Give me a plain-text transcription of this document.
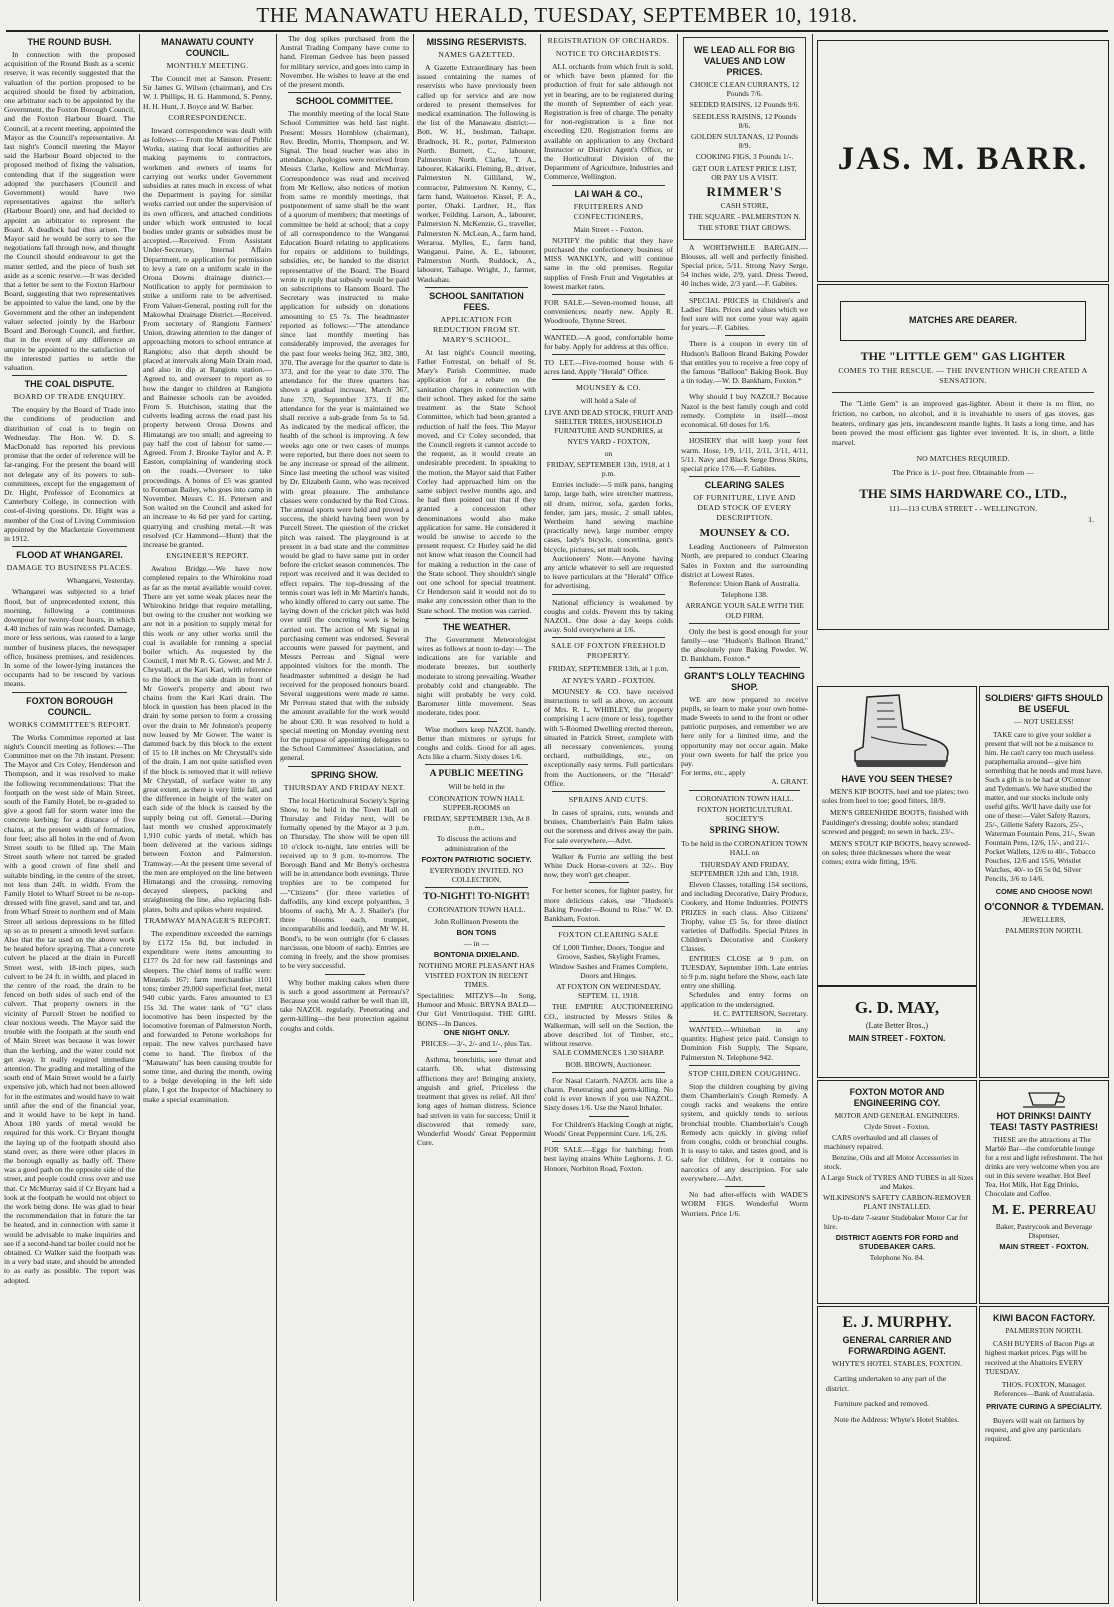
THE MANAWATU HERALD, TUESDAY, SEPTEMBER 10, 1918.
THE ROUND BUSH.

In connection with the proposed acquisition of the Round Bush as a scenic reserve, it was recently suggested that the valuation of the portion proposed to be acquired should be fixed by arbitration, one arbitrator each to be appointed by the Government, the Foxton Borough Council, and the Foxton Harbour Board. The Council, at a recent meeting, appointed the Mayor as the Council's representative. At last night's Council meeting the Mayor said the Harbour Board objected to the proposed method of fixing the valuation, contending that if the suggestion were adopted the purchasers (Council and Government) would have two representatives against the seller's (Harbour Board) one, and had decided to appoint an arbitrator to represent the Board. A deadlock had thus arisen. The Mayor said he would be sorry to see the negotiations fall through now, and thought the Council should endeavour to get the matter settled, and the piece of bush set aside as a scenic reserve.—It was decided that a letter be sent to the Foxton Harbour Board, suggesting that two representatives be appointed to value the land, one by the Government and the other an independent valuer selected jointly by the Harbour Board and Borough Council, and further, that in the event of any difference an umpire be appointed to the satisfaction of the interested parties to settle the valuation.

THE COAL DISPUTE.
BOARD OF TRADE ENQUIRY.

The enquiry by the Board of Trade into the conditions of production and distribution of coal is to begin on Wednesday. The Hon. W. D. S. MacDonald has reported his previous promise that the order of reference will be far-ranging. For the present the board will not delegate any of its powers to sub-committees, except for the engagement of Dr. Hight, Professor of Economics at Canterbury College, in connection with cost-of-living questions. Dr. Hight was a member of the Cost of Living Commission appointed by the Mackenzie Government in 1912.

FLOOD AT WHANGAREI.
DAMAGE TO BUSINESS PLACES.

Whangarei, Yesterday.

Whangarei was subjected to a brief flood, but of unprecedented extent, this morning, following a continuous downpour for twenty-four hours, in which 4.40 inches of rain was recorded. Damage, more or less serious, was caused to a large number of business places, the newspaper office, business premises, and residences. In some of the lower-lying instances the occupants had to be rescued by various means.

FOXTON BOROUGH COUNCIL.
WORKS COMMITTEE'S REPORT.

The Works Committee reported at last night's Council meeting as follows:—The Committee met on the 7th instant. Present: The Mayor and Crs Coley, Henderson and Thompson, and it was resolved to make the following recommendations: That the footpath on the west side of Main Street, south of the Family Hotel, be re-graded to give a good fall for storm water into the concrete kerbing; for a distance of five chains, at the present width of formation, four feet; also all holes in the end of Avon Street south to be filled up. The Main Street south where not tarred be graded with a good crown of fine shell and suitable binding, in the centre of the street, not less than 24ft. in width. From the Family Hotel to Wharf Street to be re-top-dressed with fine gravel, sand and tar, and from Wharf Street to northern end of Main Street all serious depressions to be filled up so as to present a smooth level surface. Also that the tar used on the above work be heated before spraying. That a concrete culvert be placed at the drain in Purcell Street west, with 18-inch pipes, such culvert to be 24 ft. in width, and placed in the centre of the road, the drain to be fenced on both sides of such end of the culvert. That property owners in the vicinity of Purcell Street be notified to clear noxious weeds. The Mayor said the trouble with the footpath at the south end of Main Street was because it was lower than the kerbing, and the water could not get away. It really required immediate attention. The grading and metalling of the south end of Main Street would be a fairly expensive job, which had not been allowed for in the estimates and would have to wait until after the end of the financial year, and it would have to be kept in hand. About 180 yards of metal would be required for this work. Cr Bryant thought the laying up of the footpath should also stand over, as there were other places in the borough equally as badly off. There was a good path on the opposite side of the street, and people could cross over and use that. Cr McMurray said if Cr Bryant had a look at the footpath he would not object to the work being done. He was glad to hear the recommendation that in future the tar be heated, and in connection with same it would be advisable to make inquiries and see if a second-hand tar boiler could not be obtained. Cr Walker said the footpath was in a very bad state, and should be attended to as early as possible. The report was adopted.

MANAWATU COUNTY COUNCIL.
MONTHLY MEETING.

The Council met at Sanson. Present: Sir James G. Wilson (chairman), and Crs W. J. Phillips, H. G. Hammond, S. Penny, H. H. Hunt, J. Boyce and W. Barber.

CORRESPONDENCE.

Inward correspondence was dealt with as follows:— From the Minister of Public Works, stating that local authorities are making payments to contractors, workmen and owners of teams for carrying out works under Government subsidies at rates much in excess of what the Department is paying for similar works carried out under the supervision of its own officers, and attached conditions under which work entrusted to local bodies under grants or subsidies must be accepted.—Received. From Assistant Under-Secretary, Internal Affairs Department, re application for permission to levy a rate on a uniform scale in the Oroua Downs drainage district.—Notification to apply for permission to strike a uniform rate to be advertised. From Valuer-General, posting roll for the Makowhai Drainage District.—Received. From secretary of Rangiotu Farmers' Union, drawing attention to the danger of approaching motors to school entrance at Rangiotu; also that depth should be placed at intervals along Main Drain road, and also in dip at Rangiotu station.—Agreed to, and overseer to report as to how the danger to children at Rangiotu and Bainesse schools can be avoided. From S. Hutchison, stating that the culverts leading across the road past his property between Oroua Downs and Himatangi are too small; and agreeing to pay half the cost of labour for same.—Agreed. From J. Brooke Taylor and A. P. Easton, complaining of wandering stock on the roads.—Overseer to take proceedings. A bonus of £5 was granted to Foreman Bailey, who goes into camp in November. Messrs C. H. Petersen and Son waited on the Council and asked for an increase to 4s 6d per yard for carting, quarrying and crushing metal.—It was resolved (Cr Hammond—Hunt) that the increase be granted.

ENGINEER'S REPORT.

Awahou Bridge.—We have now completed repairs to the Whirokino road as far as the metal available would cover. There are yet some weak places near the Whirokino bridge that require metalling, but owing to the crusher not working we are not in a position to supply metal for this work or any other works until the coal is available for running a special boiler which. As requested by the Council, I met Mr R. G. Gower, and Mr J. Chrystall, at the Kari Kari, with reference to the block in the side drain in front of Mr Gower's property and about two chains from the Kari Kari drain. The block in question has been placed in the drain by some person to form a crossing over the drain to Mr Johnston's property now leased by Mr Gower. The water is dammed back by this block to the extent of 15 to 18 inches on Mr Chrystall's side of the drain. I am not quite satisfied even if the block is removed that it will relieve Mr Chrystall, of surface water to any great extent, as there is very little fall, and the difference in height of the water on each side of the block is caused by the supply being cut off. General.—During last month we crushed approximately 1,910 cubic yards of metal, which has been delivered at the various sidings between Foxton and Palmerston. Tramway.—At the present time several of the men are employed on the line between Himatangi and the crossing, removing decayed sleepers, packing and straightening the line, also replacing fish-plates, bolts and spikes where required.

TRAMWAY MANAGER'S REPORT.

The expenditure exceeded the earnings by £172 15s 8d, but included in expenditure were items amounting to £177 0s 2d for new rail fastenings and sleepers. The chief items of traffic were: Minerals 167; farm merchandise 1101 tons; timber 29,000 superficial feet, metal 940 cubic yards. Fares amounted to £3 15s 3d. The water tank of "G" class locomotive has been inspected by the locomotive foreman of Palmerston North, and forwarded to Petone workshops for repair. The new valves purchased have come to hand. The firebox of the "Manawatu" has been causing trouble for some time, and during the month, owing to a bulge developing in the left side plate, I got the Inspector of Machinery to make a special examination.

The dog spikes purchased from the Austral Trading Company have come to hand. Fireman Gedvee has been passed for military service, and goes into camp in November. He wishes to leave at the end of the present month.

SCHOOL COMMITTEE.

The monthly meeting of the local State School Committee was held last night. Present: Messrs Hornblow (chairman), Rev. Bredin, Morris, Thompson, and W. Signal. The head teacher was also in attendance. Apologies were received from Messrs Clarke, Kellow and McMurray. Correspondence was read and received from Mr Kellow, also notices of motion from same re monthly meetings, that postponement of same shall be the want of a quorum of members; that meetings of committee be held at school; that a copy of all correspondence to the Wanganui Education Board relating to applications for repairs or additions to buildings, subsidies, etc, be handed to the district representative of the Board. The Board wrote in reply that subsidy would be paid on subscriptions to Hansom Board. The Secretary was instructed to make application for subsidy on donations amounting to £5 7s. The headmaster reported as follows:—"The attendance since last monthly meeting has considerably improved, the averages for the past four weeks being 362, 382, 380, 370. The average for the quarter to date is 373, and for the year to date 370. The attendance for the three quarters has shown a gradual increase, March 367, June 370, September 373. If the attendance for the year is maintained we shall receive a sub-grade from 5s to 5d. As indicated by the medical officer, the health of the school is improving. A few weeks ago one or two cases of mumps were reported, but there does not seem to be any increase or spread of the ailment. Since last meeting the school was visited by Dr. Elizabeth Gunn, who was received with great pleasure. The ambulance classes were conducted by the Red Cross. The annual sports were held and proved a success, the shield having been won by Purcell Street. The question of the cricket pitch was raised. The playground is at present in a bad state and the committee would be glad to have same put in order before the cricket season commences. The report was received and it was decided to effect repairs. The top-dressing of the tennis court was left in Mr Martin's hands, who kindly offered to carry out same. The laying down of the cricket pitch was held over until the concreting work is being carried out. The action of Mr Signal in purchasing cement was endorsed. Several accounts were passed for payment, and Messrs Perreau and Signal were appointed visitors for the month. The headmaster submitted a design he had received for the proposed honours board. Several suggestions were made re same. Mr Perreau stated that with the subsidy the amount available for the work would be about £30. It was resolved to hold a special meeting on Monday evening next for the purpose of appointing delegates to the School Committees' Association, and general.

SPRING SHOW.
THURSDAY AND FRIDAY NEXT.

The local Horticultural Society's Spring Show, to be held in the Town Hall on Thursday and Friday next, will be formally opened by the Mayor at 3 p.m. on Thursday. The show will be open till 10 o'clock to-night, late entries will be received up to 9 p.m. to-morrow. The Borough Band and Mr Betty's orchestra will be in attendance both evenings. Three trophies are to be competed for—"Citizens" (for three varieties of daffodils, any kind except polyanthus, 3 blooms of each), Mr A. J. Shailer's (for three blooms each, trumpet, incomparabilis and leedsii), and Mr W. H. Bond's, to be won outright (for 6 classes narcissus, one bloom of each). Entries are coming in freely, and the show promises to be very successful.

Why bother making cakes when there is such a good assortment at Perreau's? Because you would rather be well than ill, take NAZOL regularly. Penetrating and germ-killing—the best protection against coughs and colds.

MISSING RESERVISTS.
NAMES GAZETTED.

A Gazette Extraordinary has been issued containing the names of reservists who have previously been called up for service and are now ordered to present themselves for medical examination. The following is the list of the Manawatu district:— Bott, W. H., bushman, Taihape. Bradnock, H. R., porter, Palmerston North. Burnett, C., labourer, Palmerston North. Clarke, T. A., labourer, Kakariki. Fleming, B., driver, Palmerston N. Gilliland, W., contractor, Palmerston N. Kenny, C., farm hand, Waitoetoe. Kissel, P. A., porter, Ohaki. Lardner, H., flax worker, Feilding. Larson, A., labourer, Palmerston N. McKenzie, G., traveller, Palmerston N. McLean, A., farm hand, Weraroa. Mylles, E., farm hand, Wanganui. Paine, A. E., labourer, Palmerston North. Ruddock, A., labourer, Taihape. Wright, J., farmer, Waukahau.

SCHOOL SANITATION FEES.
APPLICATION FOR REDUCTION FROM ST. MARY'S SCHOOL.

At last night's Council meeting, Father Forrestal, on behalf of St. Mary's Parish Committee, made application for a rebate on the sanitation charges in connection with their school. They asked for the same treatment as the State School Committee, which had been granted a reduction of half the fees. The Mayor moved, and Cr Coley seconded, that the Council regrets it cannot accede to the request, as it would create an undesirable precedent. In speaking to the motion, the Mayor said that Father Corley had approached him on the same subject twelve months ago, and he had then pointed out that if they granted a concession other denominations would also make application for same. He considered it would be unwise to accede to the present request. Cr Hurley said he did not know what reason the Council had for making a reduction in the case of the State school. They shouldn't single out one school for special treatment. Cr Henderson said it would not do to make any concession other than to the State school. The motion was carried.

THE WEATHER.

The Government Meteorologist wires as follows at noon to-day:— The indications are for variable and moderate breezes, but southerly moderate to strong prevailing. Weather probably cold and changeable. The night will probably be very cold. Barometer little movement. Seas moderate, tides poor.

Wise mothers keep NAZOL handy. Better than mixtures or syrups for coughs and colds. Good for all ages. Acts like a charm. Sixty doses 1/6.

A PUBLIC MEETING

Will be held in the

CORONATION TOWN HALL SUPPER-ROOMS on

FRIDAY, SEPTEMBER 13th, At 8 p.m.,

To discuss the actions and administration of the

FOXTON PATRIOTIC SOCIETY.

EVERYBODY INVITED. NO COLLECTION.

TO-NIGHT! TO-NIGHT!

CORONATION TOWN HALL.

John Rollinson Presents the

BON TONS

— in —

BONTONIA DIXIELAND.

NOTHING MORE PLEASANT HAS VISITED FOXTON IN RECENT TIMES.

Specialities: MITZYS—In Song, Humour and Music. BRYNA BALD—Our Girl Ventriloquist. THE GIRL BONS—In Dances.

ONE NIGHT ONLY.

PRICES:—3/-, 2/- and 1/-, plus Tax.

Asthma, bronchitis, sore throat and catarrh. Oh, what distressing afflictions they are! Bringing anxiety, anguish and grief, Priceless the treatment that gives us relief. All thro' long ages of human distress, Science had striven in vain for success; Until it discovered that remedy sure, Wonderful Woods' Great Peppermint Cure.

REGISTRATION OF ORCHARDS.
NOTICE TO ORCHARDISTS.

ALL orchards from which fruit is sold, or which have been planted for the production of fruit for sale although not yet in bearing, are to be registered during the month of September of each year. Registration is free of charge. The penalty for non-registration is a fine not exceeding £20. Registration forms are available on application to any Orchard Instructor or District Agent's Office, or the Horticultural Division of the Department of Agriculture, Industries and Commerce, Wellington.

LAI WAH & CO.,
FRUITERERS AND CONFECTIONERS,

Main Street - - Foxton.

NOTIFY the public that they have purchased the confectionery business of MISS WANKLYN, and will continue same in the old premises. Regular supplies of Fresh Fruit and Vegetables at lowest market rates.

FOR SALE.—Seven-roomed house, all conveniences; nearly new. Apply R. Woodroofe, Thynne Street.

WANTED.—A good, comfortable home for baby. Apply for address at this office.

TO LET.—Five-roomed house with 6 acres land. Apply "Herald" Office.

MOUNSEY & CO.

will hold a Sale of

LIVE AND DEAD STOCK, FRUIT AND SHELTER TREES, HOUSEHOLD FURNITURE AND SUNDRIES, at

NYE'S YARD - FOXTON,

on

FRIDAY, SEPTEMBER 13th, 1918, at 1 p.m.

Entries include:—5 milk pans, hanging lamp, large bath, wire stretcher mattress, oil drum, mirror, sofa, garden forks, fender, jam jars, music, 2 small tables, Wertheim hand sewing machine (practically new), large number empty cases, lady's bicycle, concertina, gent's bicycle, pictures, set malt tools.

Auctioneers' Note.—Anyone having any article whatever to sell are requested to leave particulars at the "Herald" Office for advertising.

National efficiency is weakened by coughs and colds. Prevent this by taking NAZOL. One dose a day keeps colds away. Sold everywhere at 1/6.

SALE OF FOXTON FREEHOLD PROPERTY.

FRIDAY, SEPTEMBER 13th, at 1 p.m.

AT NYE'S YARD - FOXTON.

MOUNSEY & CO. have received instructions to sell as above, on account of Mrs. R. L. WHIBLEY, the property comprising 1 acre (more or less), together with 5-Roomed Dwelling erected thereon, situated in Patrick Street, complete with all necessary conveniences, young orchard, outbuildings, etc., on exceptionally easy terms. Full particulars from the Auctioneers, or the "Herald" Office.

SPRAINS AND CUTS.

In cases of sprains, cuts, wounds and bruises, Chamberlain's Pain Balm takes out the soreness and drives away the pain. For sale everywhere.—Advt.

Walker & Furrie are selling the best White Duck Horse-covers at 32/-. Buy now, they won't get cheaper.

For better scones, for lighter pastry, for more delicious cakes, use "Hudson's Baking Powder—Bound to Rise." W. D. Bankham, Foxton.

FOXTON CLEARING SALE

Of 1,000 Timber, Doors, Tongue and Groove, Sashes, Skylight Frames, Window Sashes and Frames Complete, Doors and Hinges.

AT FOXTON ON WEDNESDAY, SEPTEM. 11, 1918.

THE EMPIRE AUCTIONEERING CO., instructed by Messrs Stiles & Walkerman, will sell on the Section, the above described lot of Timber, etc., without reserve.

SALE COMMENCES 1.30 SHARP.

BOB. BROWN, Auctioneer.

For Nasal Catarrh. NAZOL acts like a charm. Penetrating and germ-killing. No cold is ever known if you use NAZOL. Sixty doses 1/6. Use the Nazol Inhaler.

For Children's Hacking Cough at night, Woods' Great Peppermint Cure. 1/6, 2/6.

FOR SALE.—Eggs for hatching; from best laying strains White Leghorns. J. G. Honore, Norbiton Road, Foxton.

WE LEAD ALL FOR BIG VALUES AND LOW PRICES.

CHOICE CLEAN CURRANTS, 12 Pounds 7/6.

SEEDED RAISINS, 12 Pounds 9/6.

SEEDLESS RAISINS, 12 Pounds 8/6.

GOLDEN SULTANAS, 12 Pounds 8/9.

COOKING FIGS, 3 Pounds 1/-.

GET OUR LATEST PRICE LIST, OR PAY US A VISIT.

RIMMER'S

CASH STORE,

THE SQUARE - PALMERSTON N.

THE STORE THAT GROWS.

A WORTHWHILE BARGAIN.—Blouses, all well and perfectly finished. Special price, 5/11. Strong Navy Serge, 54 inches wide, 2/9, yard. Dress Tweed, 40 inches wide, 2/3 yard.—F. Gabites.

SPECIAL PRICES in Children's and Ladies' Hats. Prices and values which we feel sure will not come your way again for years.—F. Gabites.

There is a coupon in every tin of Hudson's Balloon Brand Baking Powder that entitles you to receive a free copy of the famous "Balloon" Baking Book. Buy a tin today.—W. D. Bankham, Foxton.*

Why should I buy NAZOL? Because Nazol is the best family cough and cold remedy. Complete in itself—most economical. 60 doses for 1/6.

HOSIERY that will keep your feet warm. Hose, 1/9, 1/11, 2/11, 3/11, 4/11, 5/11. Navy and Black Serge Dress Skirts, special price 17/6.—F. Gabites.

CLEARING SALES
OF FURNITURE, LIVE AND DEAD STOCK OF EVERY DESCRIPTION.
MOUNSEY & CO.

Leading Auctioneers of Palmerston North, are prepared to conduct Clearing Sales in Foxton and the surrounding district at Lowest Rates.

Reference: Union Bank of Australia.

Telephone 138.

ARRANGE YOUR SALE WITH THE OLD FIRM.

Only the best is good enough for your family—use "Hudson's Balloon Brand," the absolutely pure Baking Powder. W. D. Bankham, Foxton.*

GRANT'S LOLLY TEACHING SHOP.

WE are now prepared to receive pupils, so learn to make your own home-made Sweets to send to the front or other patriotic purposes, and remember we are here only for a limited time, and the opportunity may not occur again. Make your own sweets for half the price you pay.

For terms, etc., apply

A. GRANT.

CORONATION TOWN HALL.

FOXTON HORTICULTURAL SOCIETY'S

SPRING SHOW.

To be held in the CORONATION TOWN HALL on

THURSDAY AND FRIDAY, SEPTEMBER 12th and 13th, 1918.

Eleven Classes, totalling 154 sections, and including Decorative, Dairy Produce, Cookery, and Home Industries. POINTS PRIZES in each class. Also Citizens' Trophy, value £5 5s, for three distinct varieties of Daffodils. Special Prizes in Children's Decorative and Cookery Classes.

ENTRIES CLOSE at 9 p.m. on TUESDAY, September 10th. Late entries to 9 p.m. night before the Show, each late entry one shilling.

Schedules and entry forms on application to the undersigned.

H. C. PATTERSON, Secretary.

WANTED.—Whitebait in any quantity. Highest price paid. Consign to Dominion Fish Supply, The Square, Palmerston N. Telephone 942.

STOP CHILDREN COUGHING.

Stop the children coughing by giving them Chamberlain's Cough Remedy. A cough racks and weakens the entire system, and quickly tends to serious bronchial trouble. Chamberlain's Cough Remedy acts quickly in giving relief from coughs, colds or bronchial coughs. It is easy to take, and tastes good, and is safe for children, for it contains no narcotics of any description. For sale everywhere.—Advt.

No bad after-effects with WADE'S WORM FIGS. Wonderful Worm Worriers. Price 1/6.

JAS. M. BARR.
MATCHES ARE DEARER.
THE "LITTLE GEM" GAS LIGHTER
COMES TO THE RESCUE. — THE INVENTION WHICH CREATED A SENSATION.

The "Little Gem" is an improved gas-lighter. About it there is no flint, no friction, no carbon, no alcohol, and it is invaluable to users of gas stoves, gas heaters, ordinary gas jets, incandescent mantle lights. It lasts a long time, and has been proved the most efficient gas lighter ever invented. It is, in short, a little marvel.

NO MATCHES REQUIRED.

The Price is 1/- post free. Obtainable from —

THE SIMS HARDWARE CO., LTD.,

111—113 CUBA STREET - - WELLINGTON.

1.

HAVE YOU SEEN THESE?

MEN'S KIP BOOTS, heel and toe plates; two soles from heel to toe; good fitters, 18/9.

MEN'S GREENHIDE BOOTS, finished with Pauldinger's dressing; double soles; standard screwed and pegged; no sewn in back, 23/-.

MEN'S STOUT KIP BOOTS, heavy screwed-on soles; three thicknesses where the wear comes; extra wide fitting, 19/6.

G. D. MAY,

(Late Better Bros.,)

MAIN STREET - FOXTON.

SOLDIERS' GIFTS SHOULD BE USEFUL

— NOT USELESS!

TAKE care to give your soldier a present that will not be a nuisance to him. He can't carry too much useless paraphernalia around—give him something that he needs and must have. Such a gift is to be had at O'Connor and Tydeman's. We have studied the matter, and our stocks include only useful gifts. We'll have daily use for one of these:—Valet Safety Razors, 25/-, Gillette Safety Razors, 25/-, Waterman Fountain Pens, 21/-, Swan Fountain Pens, 12/6, 15/-, and 21/-. Pocket Wallets, 12/6 to 40/-, Tobacco Pouches, 12/6 and 15/6, Wristlet Watches, 40/- to £6 5s 0d, Silver Pencils, 3/6 to 14/6.

COME AND CHOOSE NOW!

O'CONNOR & TYDEMAN.

JEWELLERS,

PALMERSTON NORTH.

FOXTON MOTOR AND ENGINEERING COY.

MOTOR AND GENERAL ENGINEERS.

Clyde Street - Foxton.

CARS overhauled and all classes of machinery repaired.

Benzine, Oils and all Motor Accessories in stock.

A Large Stock of TYRES AND TUBES in all Sizes and Makes.

WILKINSON'S SAFETY CARBON-REMOVER PLANT INSTALLED.

Up-to-date 7-seater Studebaker Motor Car for hire.

DISTRICT AGENTS FOR FORD and STUDEBAKER CARS.

Telephone No. 84.

HOT DRINKS! DAINTY TEAS! TASTY PASTRIES!

THESE are the attractions at The Marble Bar—the comfortable lounge for a rest and light refreshment. The hot drinks are very welcome when you are out in this severe weather. Hot Beef Tea, Hot Milk, Hot Egg Drinks, Chocolate and Coffee.

M. E. PERREAU

Baker, Pastrycook and Beverage Dispenser,

MAIN STREET - FOXTON.

E. J. MURPHY.
GENERAL CARRIER AND FORWARDING AGENT.

WHYTE'S HOTEL STABLES, FOXTON.

Carting undertaken to any part of the district.

Furniture packed and removed.

Note the Address: Whyte's Hotel Stables.

KIWI BACON FACTORY.

PALMERSTON NORTH.

CASH BUYERS of Bacon Pigs at highest market prices. Pigs will be received at the Abattoirs EVERY TUESDAY.

THOS. FOXTON, Manager. References—Bank of Australasia.

PRIVATE CURING A SPECIALITY.

Buyers will wait on farmers by request, and give any particulars required.
